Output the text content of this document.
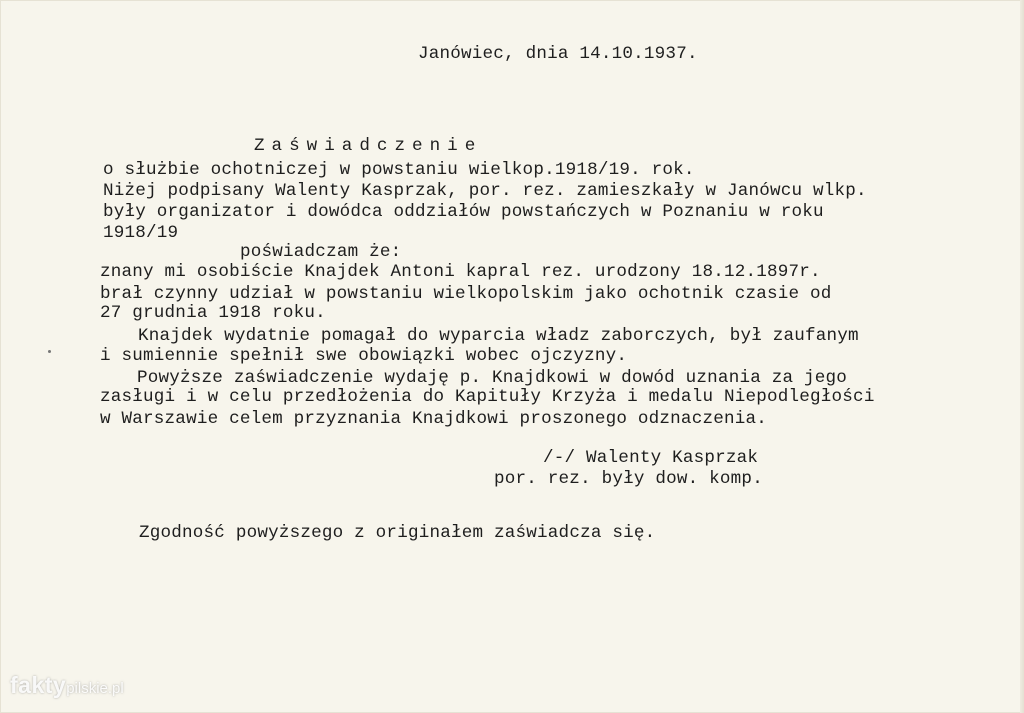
Janówiec, dnia 14.10.1937.

Zaświadczenie

o służbie ochotniczej w powstaniu wielkop.1918/19. rok.

Niżej podpisany Walenty Kasprzak, por. rez. zamieszkały w Janówcu wlkp.

były organizator i dowódca oddziałów powstańczych w Poznaniu w roku

1918/19

poświadczam że:

znany mi osobiście Knajdek Antoni kapral rez. urodzony 18.12.1897r.

brał czynny udział w powstaniu wielkopolskim jako ochotnik czasie od

27 grudnia 1918 roku.

Knajdek wydatnie pomagał do wyparcia władz zaborczych, był zaufanym

i sumiennie spełnił swe obowiązki wobec ojczyzny.

Powyższe zaświadczenie wydaję p. Knajdkowi w dowód uznania za jego

zasługi i w celu przedłożenia do Kapituły Krzyża i medalu Niepodległości

w Warszawie celem przyznania Knajdkowi proszonego odznaczenia.

/-/ Walenty Kasprzak

por. rez. były dow. komp.

Zgodność powyższego z originałem zaświadcza się.

faktypilskie.pl
